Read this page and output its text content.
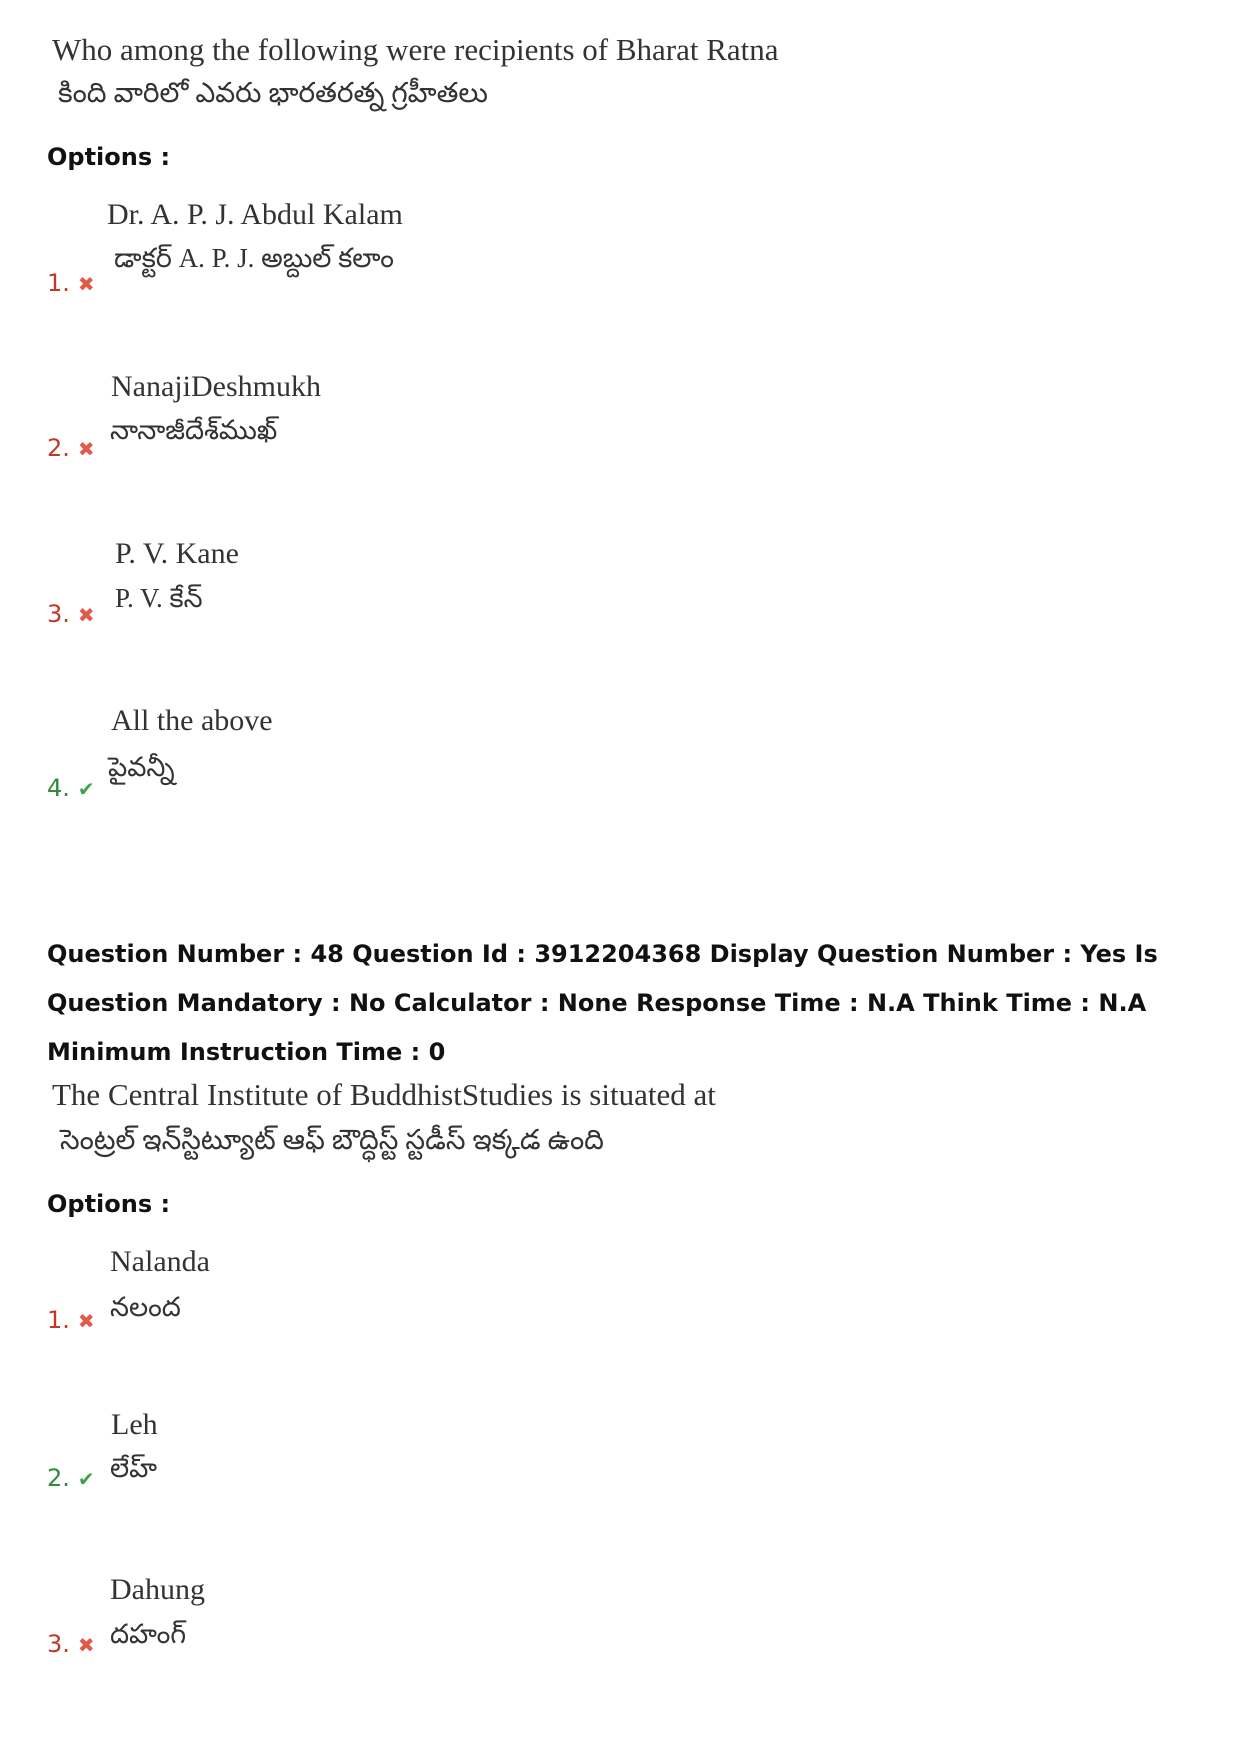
Who among the following were recipients of Bharat Ratna
కింది వారిలో ఎవరు భారతరత్న గ్రహీతలు
Options :
Dr. A. P. J. Abdul Kalam
డాక్టర్ A. P. J. అబ్దుల్ కలాం
1. ✖
NanajiDeshmukh
నానాజీదేశ్‌ముఖ్
2. ✖
P. V. Kane
P. V. కేన్
3. ✖
All the above
పైవన్నీ
4. ✔
Question Number : 48 Question Id : 3912204368 Display Question Number : Yes Is Question Mandatory : No Calculator : None Response Time : N.A Think Time : N.A Minimum Instruction Time : 0
The Central Institute of BuddhistStudies is situated at
సెంట్రల్ ఇన్‌స్టిట్యూట్ ఆఫ్ బౌద్ధిస్ట్ స్టడీస్ ఇక్కడ ఉంది
Options :
Nalanda
నలంద
1. ✖
Leh
లేహ్
2. ✔
Dahung
దహంగ్
3. ✖
